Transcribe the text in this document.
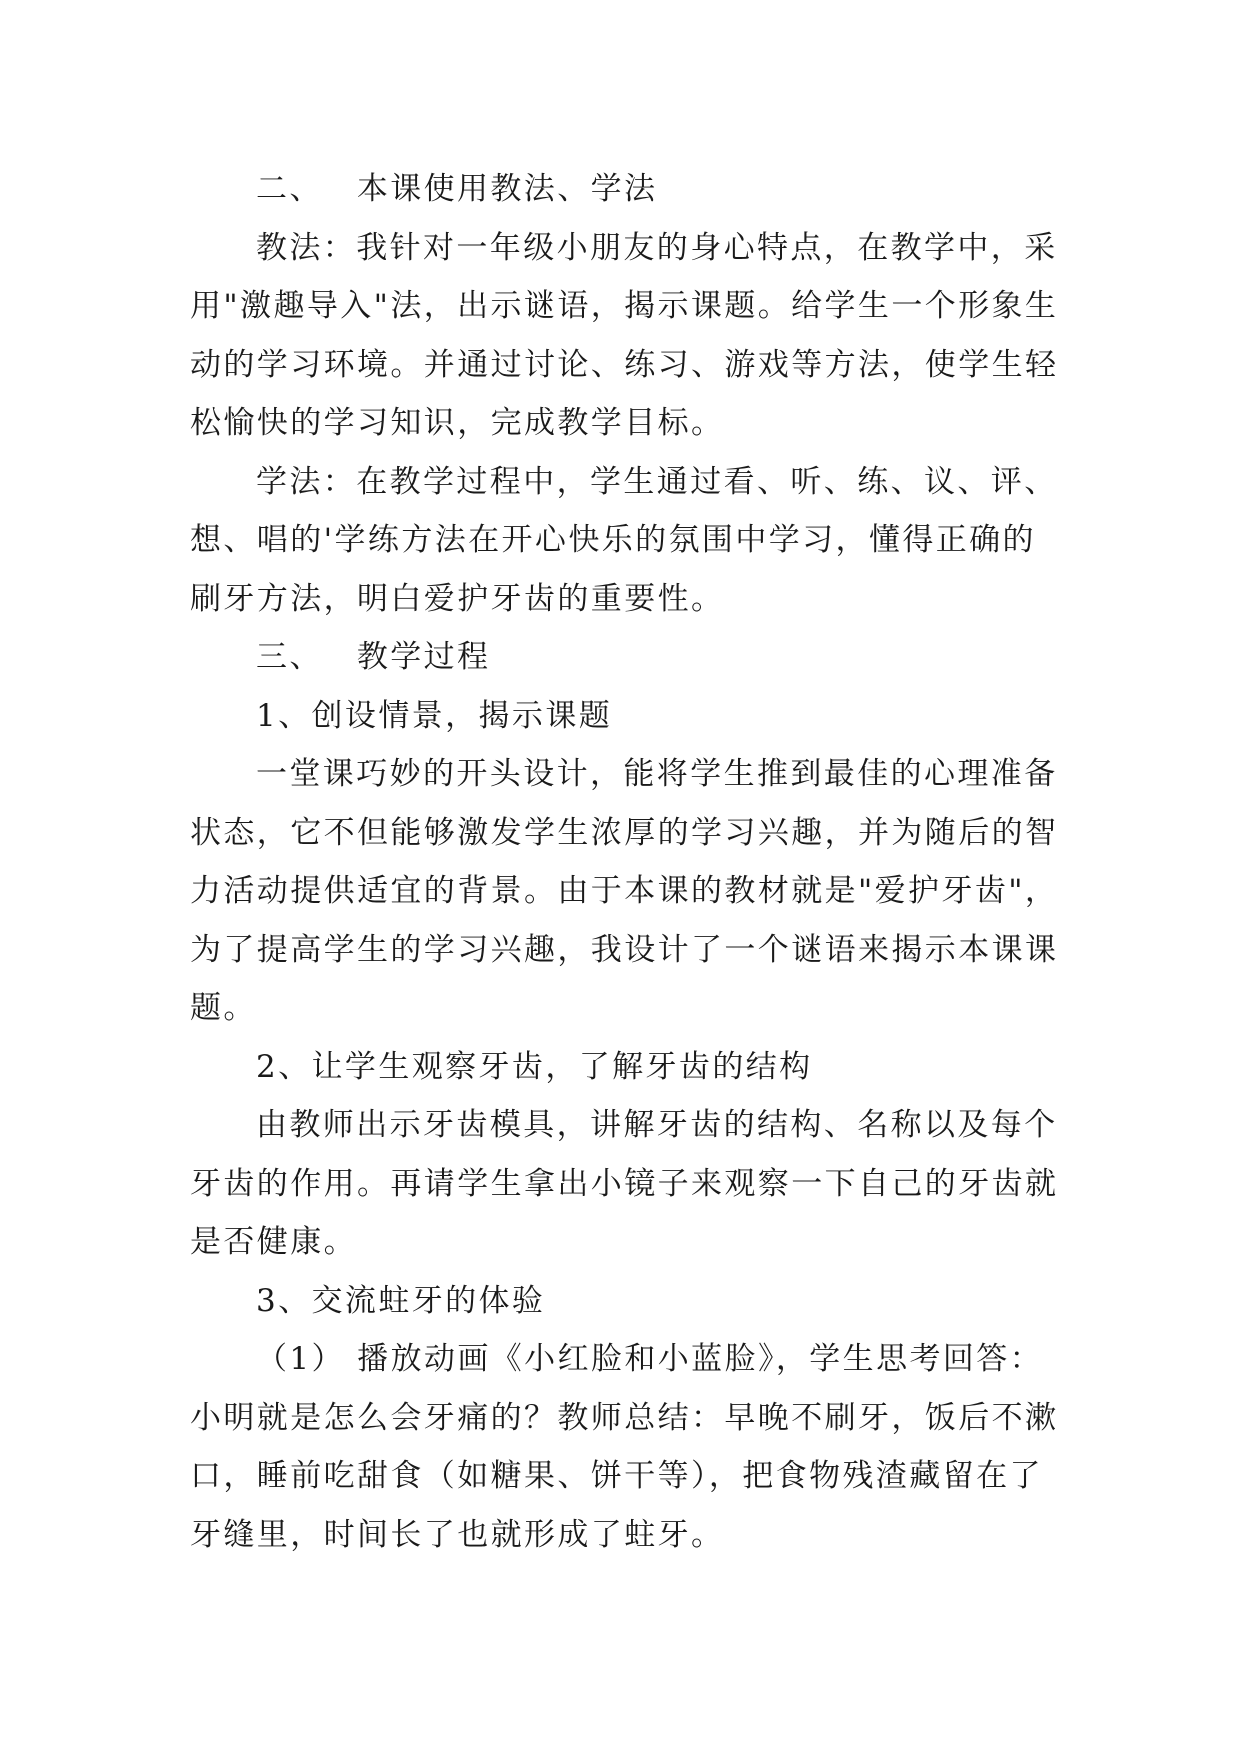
二、 本课使用教法、学法

教法：我针对一年级小朋友的身心特点，在教学中，采用"激趣导入"法，出示谜语，揭示课题。给学生一个形象生动的学习环境。并通过讨论、练习、游戏等方法，使学生轻松愉快的学习知识，完成教学目标。

学法：在教学过程中，学生通过看、听、练、议、评、想、唱的'学练方法在开心快乐的氛围中学习，懂得正确的刷牙方法，明白爱护牙齿的重要性。

三、 教学过程

1、创设情景，揭示课题

一堂课巧妙的开头设计，能将学生推到最佳的心理准备状态，它不但能够激发学生浓厚的学习兴趣，并为随后的智力活动提供适宜的背景。由于本课的教材就是"爱护牙齿"，为了提高学生的学习兴趣，我设计了一个谜语来揭示本课课题。

2、让学生观察牙齿，了解牙齿的结构

由教师出示牙齿模具，讲解牙齿的结构、名称以及每个牙齿的作用。再请学生拿出小镜子来观察一下自己的牙齿就是否健康。

3、交流蛀牙的体验

（1） 播放动画《小红脸和小蓝脸》，学生思考回答：小明就是怎么会牙痛的？教师总结：早晚不刷牙，饭后不漱口，睡前吃甜食（如糖果、饼干等），把食物残渣藏留在了牙缝里，时间长了也就形成了蛀牙。
